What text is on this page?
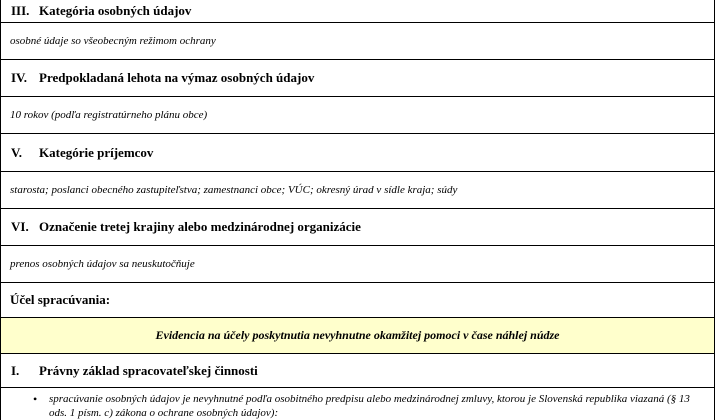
III. Kategória osobných údajov
osobné údaje so všeobecným režimom ochrany
IV. Predpokladaná lehota na výmaz osobných údajov
10 rokov (podľa registratúrneho plánu obce)
V.	Kategórie príjemcov
starosta; poslanci obecného zastupiteľstva; zamestnanci obce; VÚC; okresný úrad v sídle kraja; súdy
VI. Označenie tretej krajiny alebo medzinárodnej organizácie
prenos osobných údajov sa neuskutočňuje
Účel spracúvania:
Evidencia na účely poskytnutia nevyhnutne okamžitej pomoci v čase náhlej núdze
I.	Právny základ spracovateľskej činnosti
•	spracúvanie osobných údajov je nevyhnutné podľa osobitného predpisu alebo medzinárodnej zmluvy, ktorou je Slovenská republika viazaná (§ 13 ods. 1 písm. c) zákona o ochrane osobných údajov):
